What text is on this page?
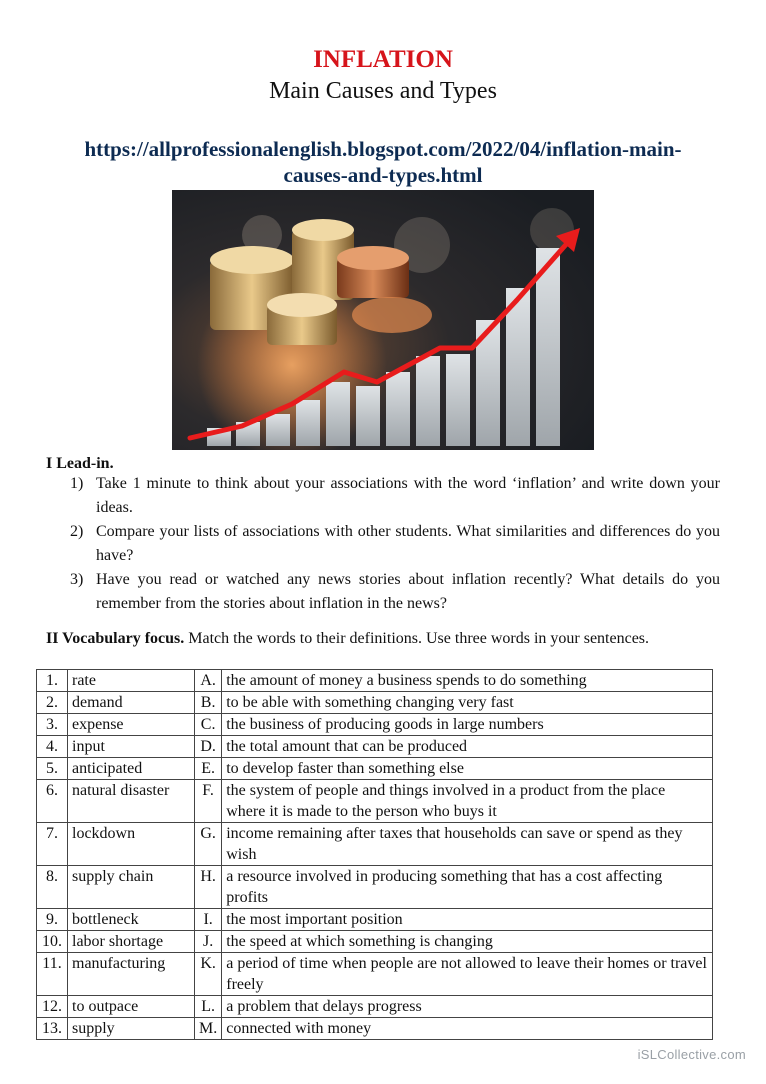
INFLATION
Main Causes and Types
https://allprofessionalenglish.blogspot.com/2022/04/inflation-main-
causes-and-types.html
I Lead-in.
1) Take 1 minute to think about your associations with the word ‘inflation’ and write down your ideas.
2) Compare your lists of associations with other students. What similarities and differences do you have?
3) Have you read or watched any news stories about inflation recently? What details do you remember from the stories about inflation in the news?
II Vocabulary focus. Match the words to their definitions. Use three words in your sentences.
1.	rate	A.	the amount of money a business spends to do something
2.	demand	B.	to be able with something changing very fast
3.	expense	C.	the business of producing goods in large numbers
4.	input	D.	the total amount that can be produced
5.	anticipated	E.	to develop faster than something else
6.	natural disaster	F.	the system of people and things involved in a product from the place where it is made to the person who buys it
7.	lockdown	G.	income remaining after taxes that households can save or spend as they wish
8.	supply chain	H.	a resource involved in producing something that has a cost affecting profits
9.	bottleneck	I.	the most important position
10.	labor shortage	J.	the speed at which something is changing
11.	manufacturing	K.	a period of time when people are not allowed to leave their homes or travel freely
12.	to outpace	L.	a problem that delays progress
13.	supply	M.	connected with money
iSLCollective.com
